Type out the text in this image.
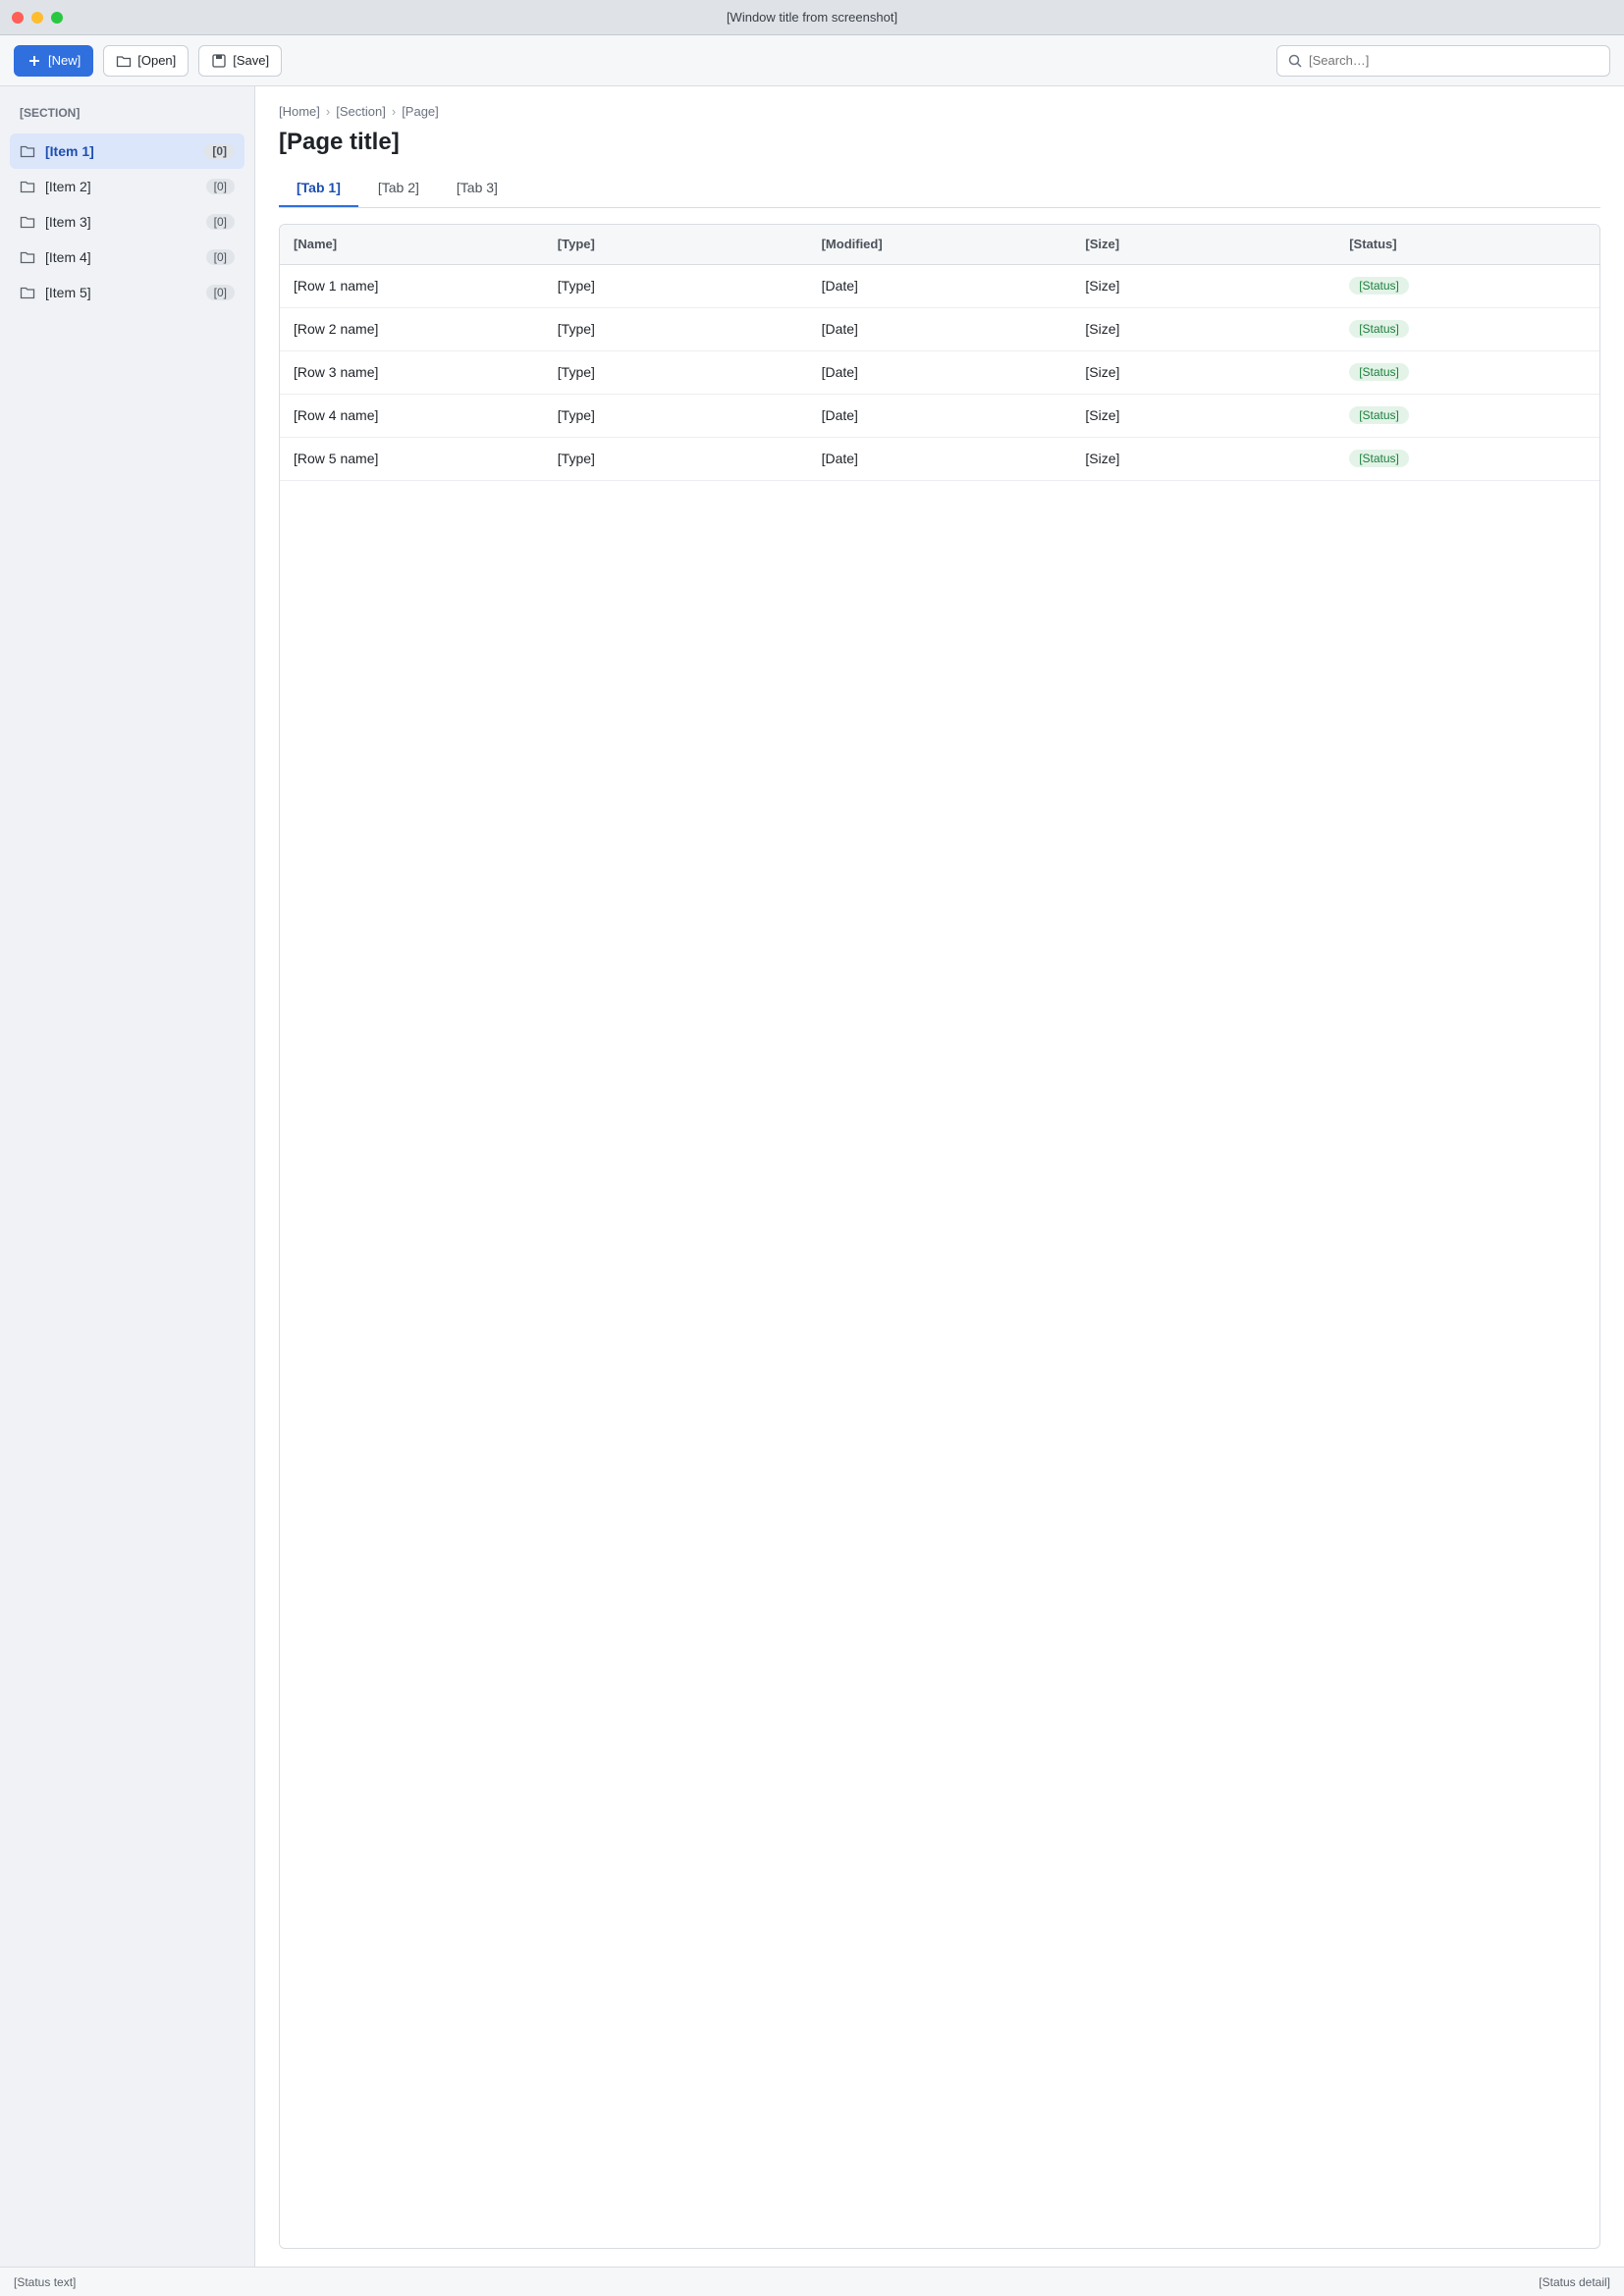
[Window title from screenshot]
[New]	[Open]	[Save]
[Search…]
[SECTION]
[Item 1]	[0]
[Item 2]	[0]
[Item 3]	[0]
[Item 4]	[0]
[Item 5]	[0]
[Home] › [Section] › [Page]
[Page title]
[Tab 1]	[Tab 2]	[Tab 3]
[Name]	[Type]	[Modified]	[Size]	[Status]
[Row 1 name]	[Type]	[Date]	[Size]	[Status]
[Row 2 name]	[Type]	[Date]	[Size]	[Status]
[Row 3 name]	[Type]	[Date]	[Size]	[Status]
[Row 4 name]	[Type]	[Date]	[Size]	[Status]
[Row 5 name]	[Type]	[Date]	[Size]	[Status]
[Status text]	[Status detail]
